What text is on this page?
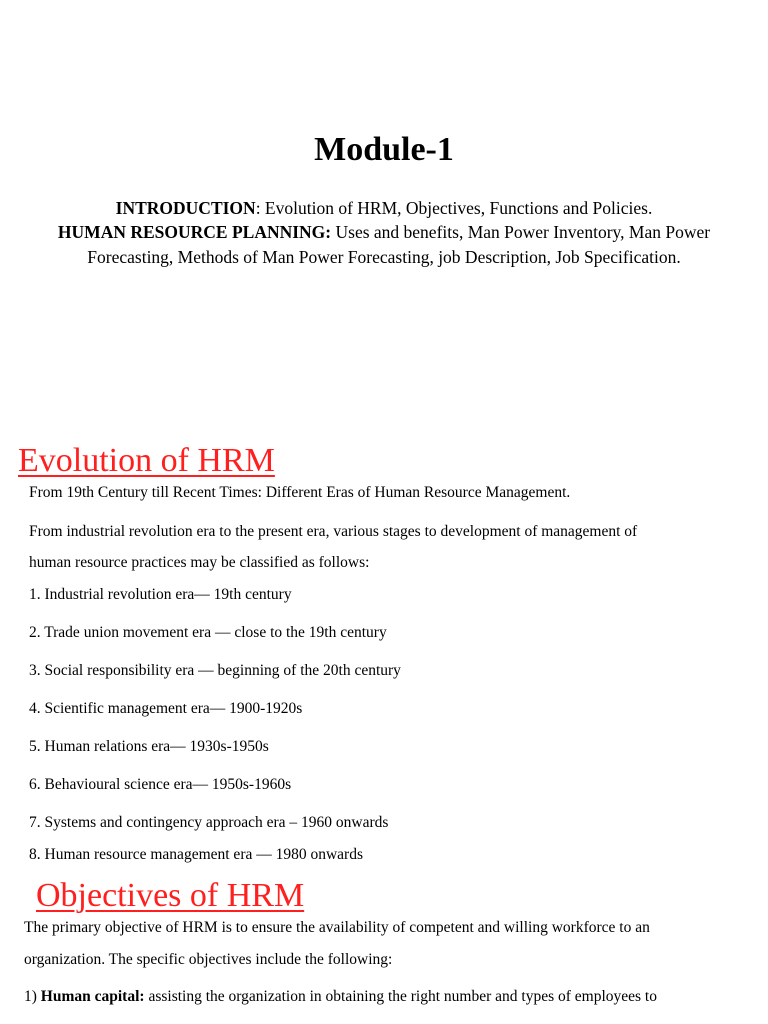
Module-1
INTRODUCTION: Evolution of HRM, Objectives, Functions and Policies.
HUMAN RESOURCE PLANNING: Uses and benefits, Man Power Inventory, Man Power Forecasting, Methods of Man Power Forecasting, job Description, Job Specification.
Evolution of HRM
From 19th Century till Recent Times: Different Eras of Human Resource Management.
From industrial revolution era to the present era, various stages to development of management of
human resource practices may be classified as follows:
1. Industrial revolution era— 19th century
2. Trade union movement era — close to the 19th century
3. Social responsibility era — beginning of the 20th century
4. Scientific management era— 1900-1920s
5. Human relations era— 1930s-1950s
6. Behavioural science era— 1950s-1960s
7. Systems and contingency approach era – 1960 onwards
8. Human resource management era — 1980 onwards
Objectives of HRM
The primary objective of HRM is to ensure the availability of competent and willing workforce to an
organization. The specific objectives include the following:
1) Human capital: assisting the organization in obtaining the right number and types of employees to
